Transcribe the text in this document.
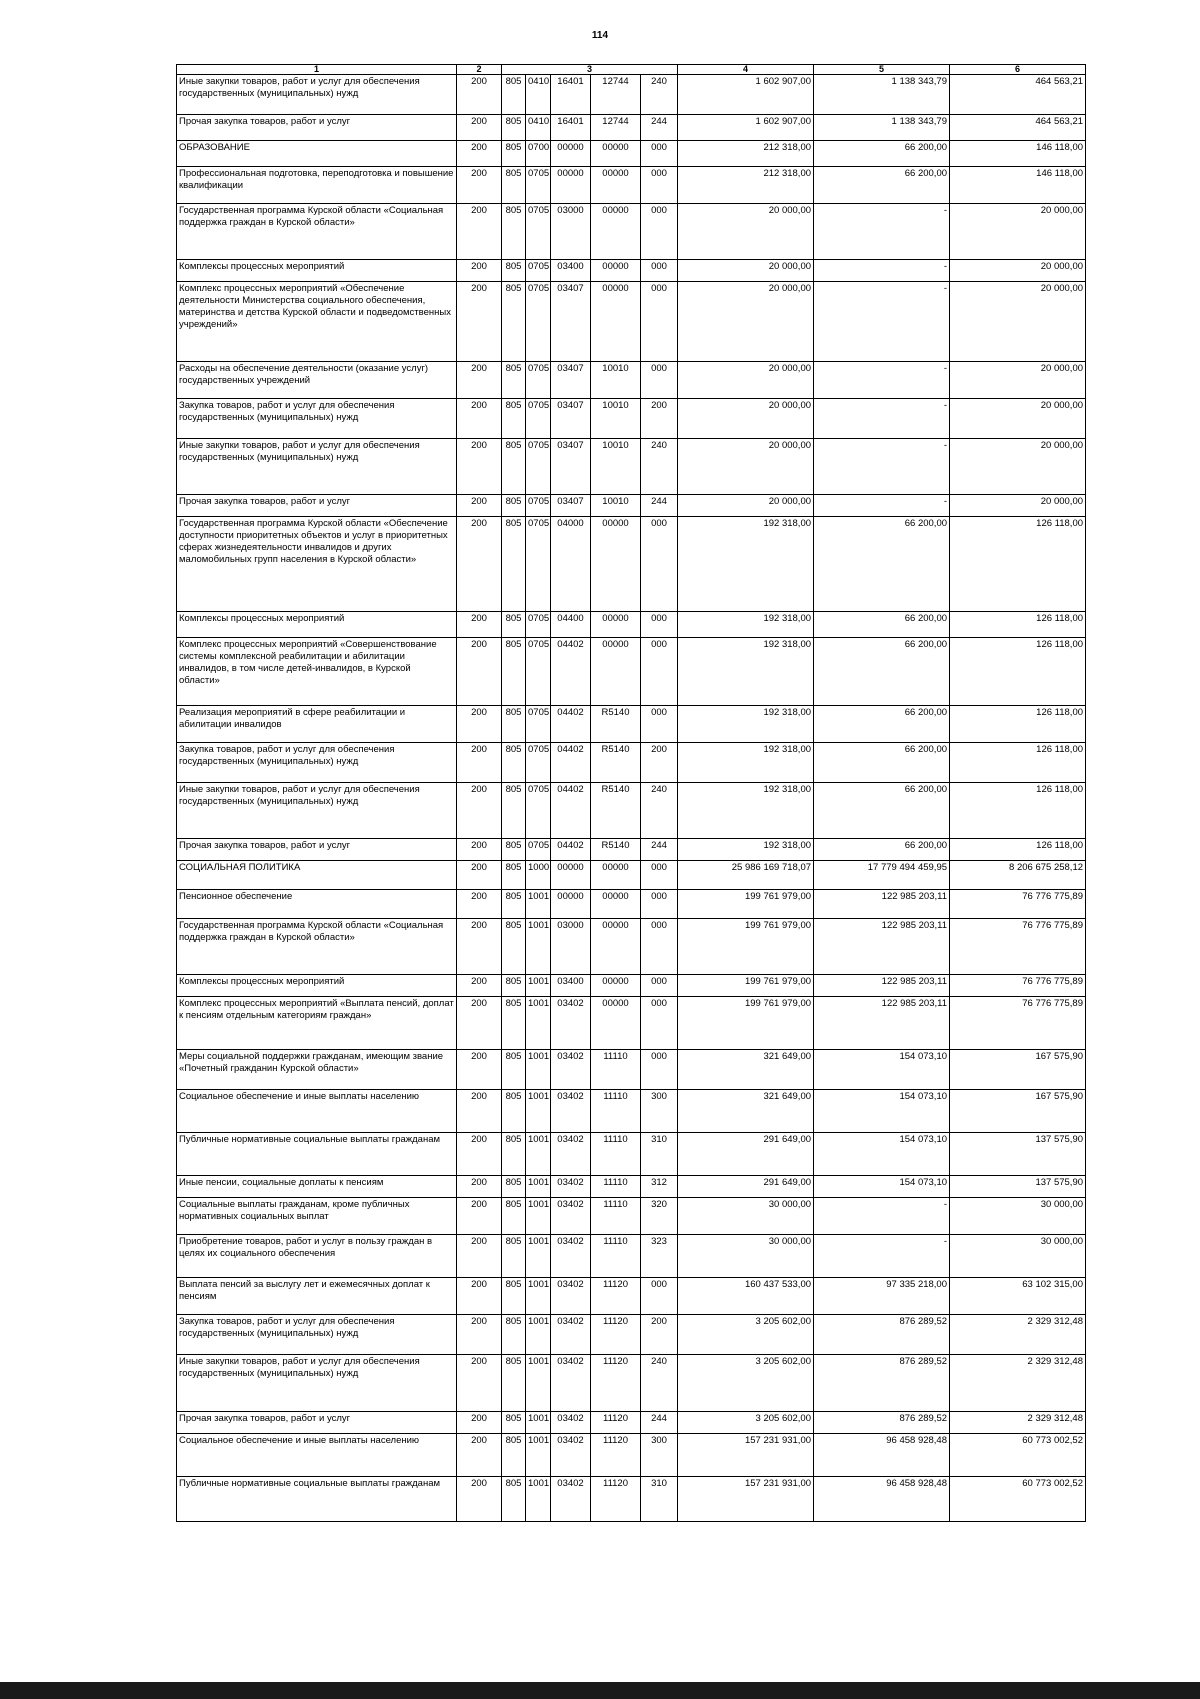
114
1	2	3					4	5	6
Иные закупки товаров, работ и услуг для обеспечения государственных (муниципальных) нужд	200	805	0410	16401	12744	240	1 602 907,00	1 138 343,79	464 563,21
Прочая закупка товаров, работ и услуг	200	805	0410	16401	12744	244	1 602 907,00	1 138 343,79	464 563,21
ОБРАЗОВАНИЕ	200	805	0700	00000	00000	000	212 318,00	66 200,00	146 118,00
Профессиональная подготовка, переподготовка и повышение квалификации	200	805	0705	00000	00000	000	212 318,00	66 200,00	146 118,00
Государственная программа Курской области «Социальная поддержка граждан в Курской области»	200	805	0705	03000	00000	000	20 000,00	-	20 000,00
Комплексы процессных мероприятий	200	805	0705	03400	00000	000	20 000,00	-	20 000,00
Комплекс процессных мероприятий «Обеспечение деятельности Министерства социального обеспечения, материнства и детства Курской области и подведомственных учреждений»	200	805	0705	03407	00000	000	20 000,00	-	20 000,00
Расходы на обеспечение деятельности (оказание услуг) государственных учреждений	200	805	0705	03407	10010	000	20 000,00	-	20 000,00
Закупка товаров, работ и услуг для обеспечения государственных (муниципальных) нужд	200	805	0705	03407	10010	200	20 000,00	-	20 000,00
Иные закупки товаров, работ и услуг для обеспечения государственных (муниципальных) нужд	200	805	0705	03407	10010	240	20 000,00	-	20 000,00
Прочая закупка товаров, работ и услуг	200	805	0705	03407	10010	244	20 000,00	-	20 000,00
Государственная программа Курской области «Обеспечение доступности приоритетных объектов и услуг в приоритетных сферах жизнедеятельности инвалидов и других маломобильных групп населения в Курской области»	200	805	0705	04000	00000	000	192 318,00	66 200,00	126 118,00
Комплексы процессных мероприятий	200	805	0705	04400	00000	000	192 318,00	66 200,00	126 118,00
Комплекс процессных мероприятий «Совершенствование системы комплексной реабилитации и абилитации инвалидов, в том числе детей-инвалидов, в Курской области»	200	805	0705	04402	00000	000	192 318,00	66 200,00	126 118,00
Реализация мероприятий в сфере реабилитации и абилитации инвалидов	200	805	0705	04402	R5140	000	192 318,00	66 200,00	126 118,00
Закупка товаров, работ и услуг для обеспечения государственных (муниципальных) нужд	200	805	0705	04402	R5140	200	192 318,00	66 200,00	126 118,00
Иные закупки товаров, работ и услуг для обеспечения государственных (муниципальных) нужд	200	805	0705	04402	R5140	240	192 318,00	66 200,00	126 118,00
Прочая закупка товаров, работ и услуг	200	805	0705	04402	R5140	244	192 318,00	66 200,00	126 118,00
СОЦИАЛЬНАЯ ПОЛИТИКА	200	805	1000	00000	00000	000	25 986 169 718,07	17 779 494 459,95	8 206 675 258,12
Пенсионное обеспечение	200	805	1001	00000	00000	000	199 761 979,00	122 985 203,11	76 776 775,89
Государственная программа Курской области «Социальная поддержка граждан в Курской области»	200	805	1001	03000	00000	000	199 761 979,00	122 985 203,11	76 776 775,89
Комплексы процессных мероприятий	200	805	1001	03400	00000	000	199 761 979,00	122 985 203,11	76 776 775,89
Комплекс процессных мероприятий «Выплата пенсий, доплат к пенсиям отдельным категориям граждан»	200	805	1001	03402	00000	000	199 761 979,00	122 985 203,11	76 776 775,89
Меры социальной поддержки гражданам, имеющим звание «Почетный гражданин Курской области»	200	805	1001	03402	11110	000	321 649,00	154 073,10	167 575,90
Социальное обеспечение и иные выплаты населению	200	805	1001	03402	11110	300	321 649,00	154 073,10	167 575,90
Публичные нормативные социальные выплаты гражданам	200	805	1001	03402	11110	310	291 649,00	154 073,10	137 575,90
Иные пенсии, социальные доплаты к пенсиям	200	805	1001	03402	11110	312	291 649,00	154 073,10	137 575,90
Социальные выплаты гражданам, кроме публичных нормативных социальных выплат	200	805	1001	03402	11110	320	30 000,00	-	30 000,00
Приобретение товаров, работ и услуг в пользу граждан в целях их социального обеспечения	200	805	1001	03402	11110	323	30 000,00	-	30 000,00
Выплата пенсий за выслугу лет и ежемесячных доплат к пенсиям	200	805	1001	03402	11120	000	160 437 533,00	97 335 218,00	63 102 315,00
Закупка товаров, работ и услуг для обеспечения государственных (муниципальных) нужд	200	805	1001	03402	11120	200	3 205 602,00	876 289,52	2 329 312,48
Иные закупки товаров, работ и услуг для обеспечения государственных (муниципальных) нужд	200	805	1001	03402	11120	240	3 205 602,00	876 289,52	2 329 312,48
Прочая закупка товаров, работ и услуг	200	805	1001	03402	11120	244	3 205 602,00	876 289,52	2 329 312,48
Социальное обеспечение и иные выплаты населению	200	805	1001	03402	11120	300	157 231 931,00	96 458 928,48	60 773 002,52
Публичные нормативные социальные выплаты гражданам	200	805	1001	03402	11120	310	157 231 931,00	96 458 928,48	60 773 002,52
